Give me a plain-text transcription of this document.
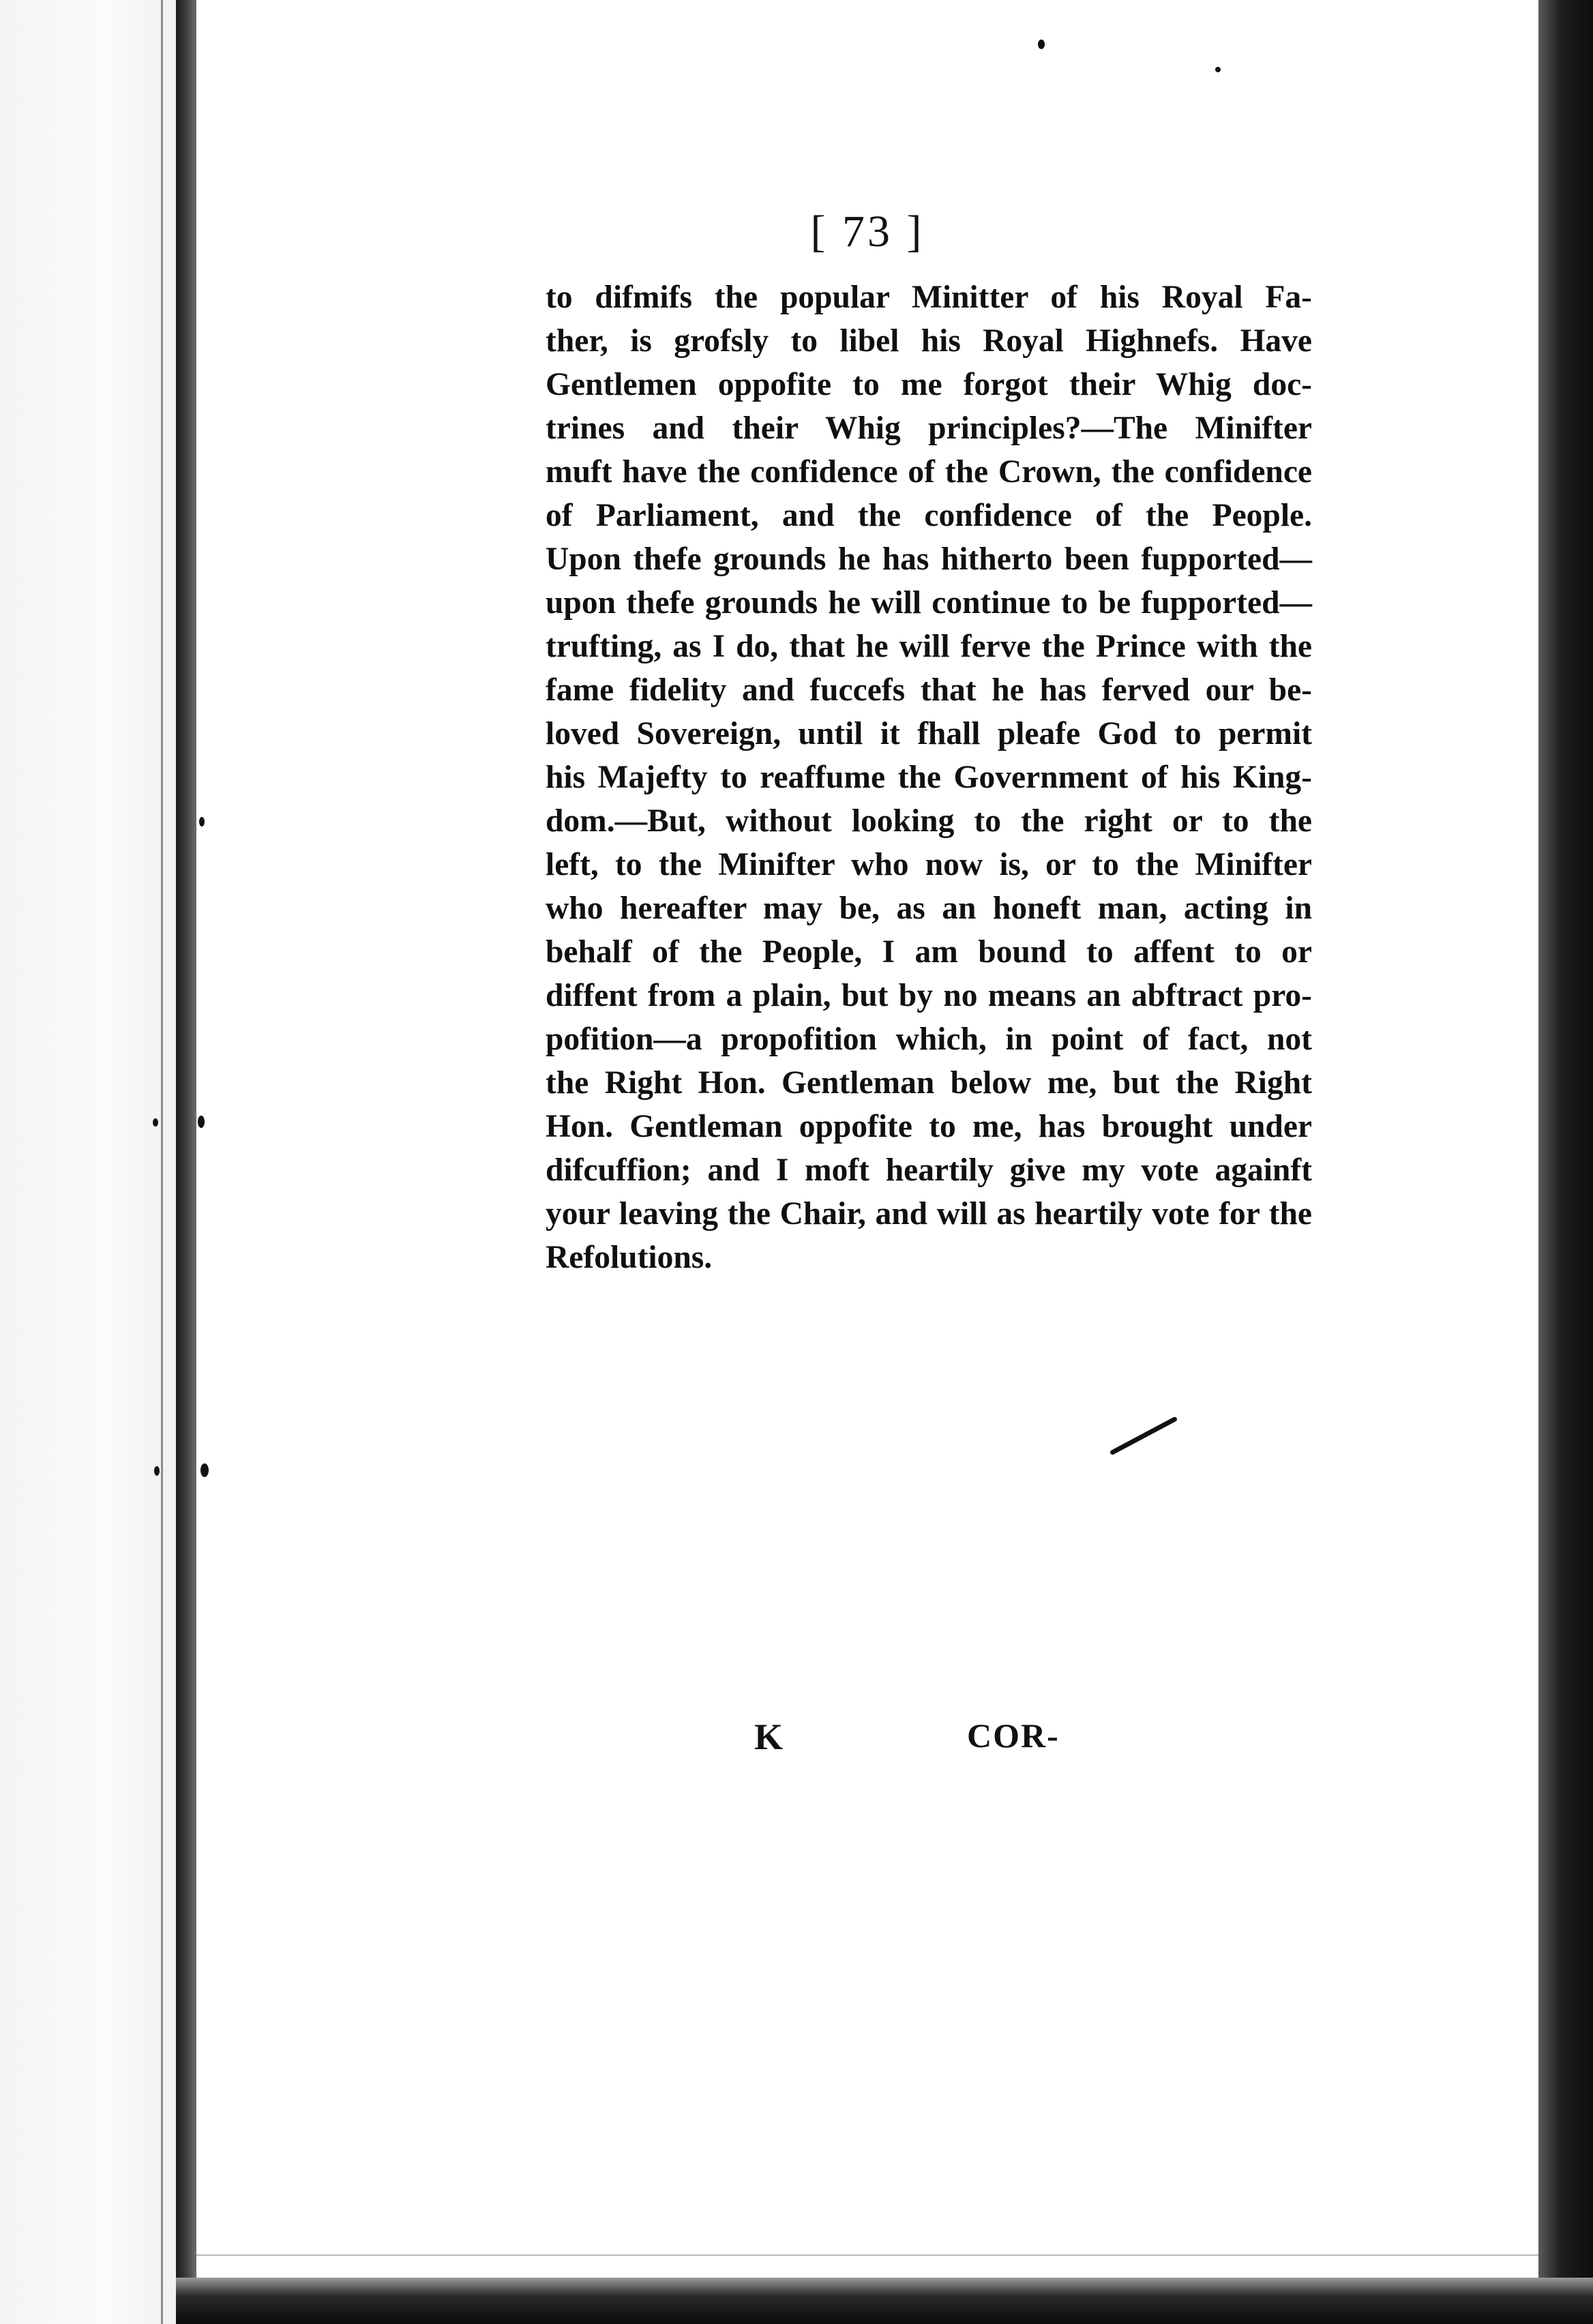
[ 73 ]
to difmifs the popular Minitter of his Royal Fa-
ther, is grofsly to libel his Royal Highnefs. Have
Gentlemen oppofite to me forgot their Whig doc-
trines and their Whig principles?—The Minifter
muft have the confidence of the Crown, the confidence
of Parliament, and the confidence of the People.
Upon thefe grounds he has hitherto been fupported—
upon thefe grounds he will continue to be fupported—
trufting, as I do, that he will ferve the Prince with the
fame fidelity and fuccefs that he has ferved our be-
loved Sovereign, until it fhall pleafe God to permit
his Majefty to reaffume the Government of his King-
dom.—But, without looking to the right or to the
left, to the Minifter who now is, or to the Minifter
who hereafter may be, as an honeft man, acting in
behalf of the People, I am bound to affent to or
diffent from a plain, but by no means an abftract pro-
pofition—a propofition which, in point of fact, not
the Right Hon. Gentleman below me, but the Right
Hon. Gentleman oppofite to me, has brought under
difcuffion; and I moft heartily give my vote againft
your leaving the Chair, and will as heartily vote for the
Refolutions.
K	COR-
